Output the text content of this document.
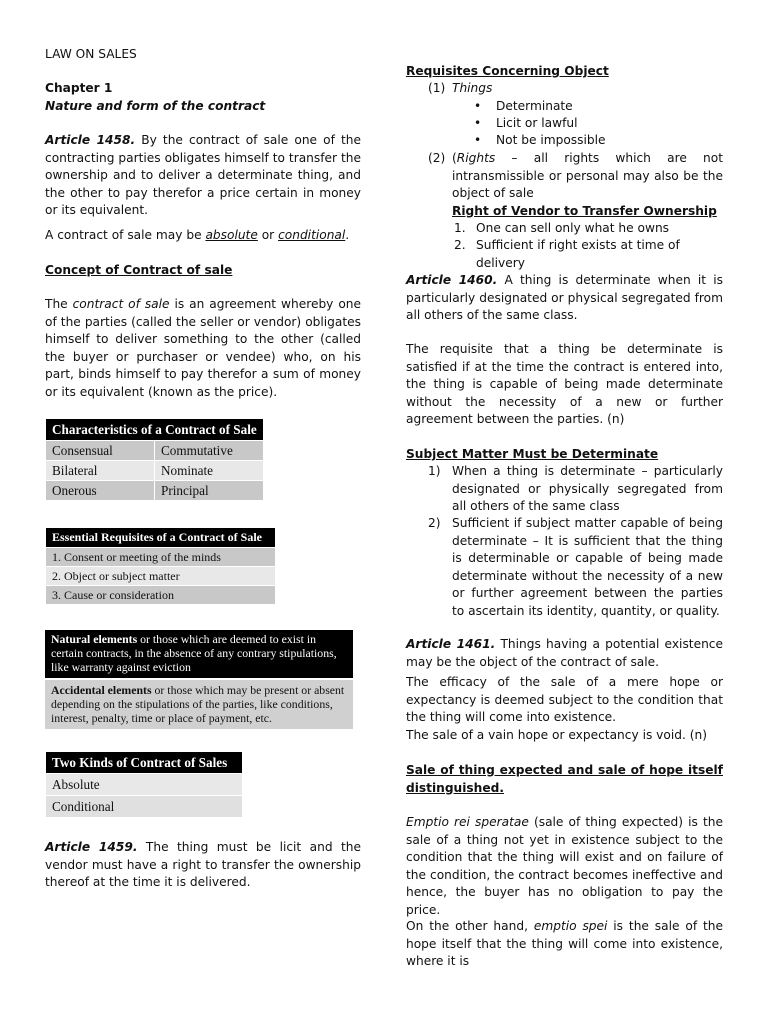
LAW ON SALES

Chapter 1

Nature and form of the contract

Article 1458. By the contract of sale one of the contracting parties obligates himself to transfer the ownership and to deliver a determinate thing, and the other to pay therefor a price certain in money or its equivalent.

A contract of sale may be absolute or conditional.

Concept of Contract of sale

The contract of sale is an agreement whereby one of the parties (called the seller or vendor) obligates himself to deliver something to the other (called the buyer or purchaser or vendee) who, on his part, binds himself to pay therefor a sum of money or its equivalent (known as the price).

Characteristics of a Contract of Sale	
Consensual	Commutative
Bilateral	Nominate
Onerous	Principal
Essential Requisites of a Contract of Sale
1. Consent or meeting of the minds
2. Object or subject matter
3. Cause or consideration
Natural elements or those which are deemed to exist in certain contracts, in the absence of any contrary stipulations, like warranty against eviction
Accidental elements or those which may be present or absent depending on the stipulations of the parties, like conditions, interest, penalty, time or place of payment, etc.
Two Kinds of Contract of Sales
Absolute
Conditional

Article 1459. The thing must be licit and the vendor must have a right to transfer the ownership thereof at the time it is delivered.

Requisites Concerning Object

(1) Things

• Determinate

• Licit or lawful

• Not be impossible

(2) (Rights – all rights which are not intransmissible or personal may also be the object of sale

Right of Vendor to Transfer Ownership

1. One can sell only what he owns

2. Sufficient if right exists at time of delivery

Article 1460. A thing is determinate when it is particularly designated or physical segregated from all others of the same class.

The requisite that a thing be determinate is satisfied if at the time the contract is entered into, the thing is capable of being made determinate without the necessity of a new or further agreement between the parties. (n)

Subject Matter Must be Determinate

1) When a thing is determinate – particularly designated or physically segregated from all others of the same class

2) Sufficient if subject matter capable of being determinate – It is sufficient that the thing is determinable or capable of being made determinate without the necessity of a new or further agreement between the parties to ascertain its identity, quantity, or quality.

Article 1461. Things having a potential existence may be the object of the contract of sale.

The efficacy of the sale of a mere hope or expectancy is deemed subject to the condition that the thing will come into existence.

The sale of a vain hope or expectancy is void. (n)

Sale of thing expected and sale of hope itself distinguished.

Emptio rei speratae (sale of thing expected) is the sale of a thing not yet in existence subject to the condition that the thing will exist and on failure of the condition, the contract becomes ineffective and hence, the buyer has no obligation to pay the price.

On the other hand, emptio spei is the sale of the hope itself that the thing will come into existence, where it is
